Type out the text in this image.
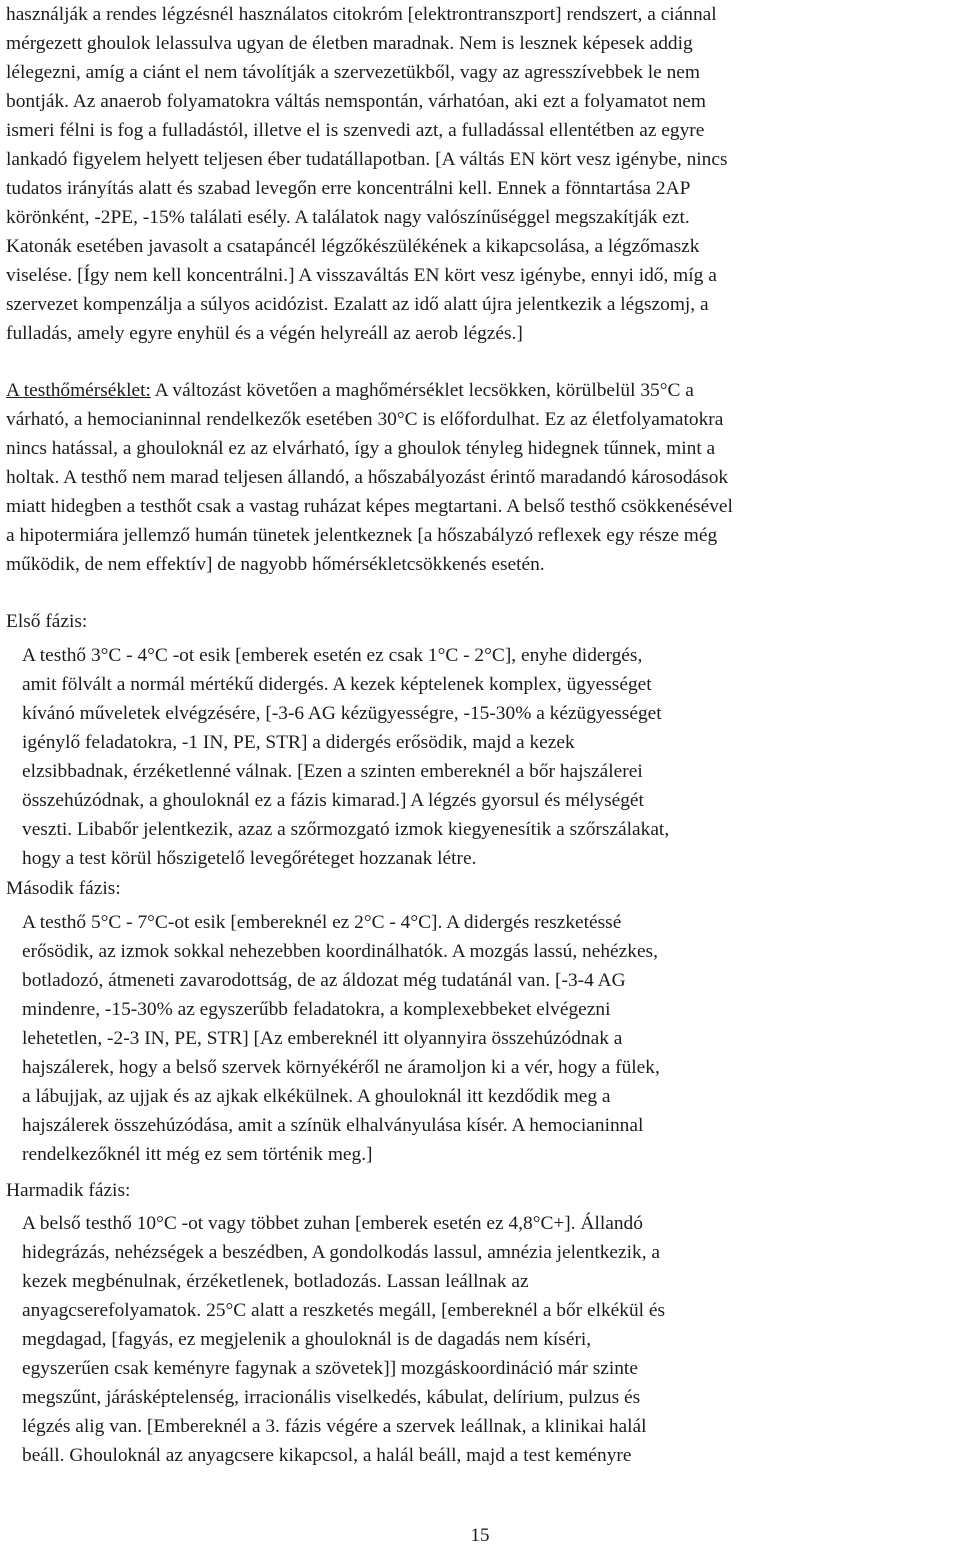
használják a rendes légzésnél használatos citokróm [elektrontranszport] rendszert, a ciánnal
mérgezett ghoulok lelassulva ugyan de életben maradnak. Nem is lesznek képesek addig
lélegezni, amíg a ciánt el nem távolítják a szervezetükből, vagy az agresszívebbek le nem
bontják. Az anaerob folyamatokra váltás nemspontán, várhatóan, aki ezt a folyamatot nem
ismeri félni is fog a fulladástól, illetve el is szenvedi azt, a fulladással ellentétben az egyre
lankadó figyelem helyett teljesen éber tudatállapotban. [A váltás EN kört vesz igénybe, nincs
tudatos irányítás alatt és szabad levegőn erre koncentrálni kell. Ennek a fönntartása 2AP
körönként, -2PE, -15% találati esély. A találatok nagy valószínűséggel megszakítják ezt.
Katonák esetében javasolt a csatapáncél légzőkészülékének a kikapcsolása, a légzőmaszk
viselése. [Így nem kell koncentrálni.] A visszaváltás EN kört vesz igénybe, ennyi idő, míg a
szervezet kompenzálja a súlyos acidózist. Ezalatt az idő alatt újra jelentkezik a légszomj, a
fulladás, amely egyre enyhül és a végén helyreáll az aerob légzés.]
A testhőmérséklet: A változást követően a maghőmérséklet lecsökken, körülbelül 35°C a
várható, a hemocianinnal rendelkezők esetében 30°C is előfordulhat. Ez az életfolyamatokra
nincs hatással, a ghouloknál ez az elvárható, így a ghoulok tényleg hidegnek tűnnek, mint a
holtak. A testhő nem marad teljesen állandó, a hőszabályozást érintő maradandó károsodások
miatt hidegben a testhőt csak a vastag ruházat képes megtartani. A belső testhő csökkenésével
a hipotermiára jellemző humán tünetek jelentkeznek [a hőszabályzó reflexek egy része még
működik, de nem effektív] de nagyobb hőmérsékletcsökkenés esetén.
Első fázis:
A testhő 3°C - 4°C -ot esik [emberek esetén ez csak 1°C - 2°C], enyhe didergés,
amit fölvált a normál mértékű didergés. A kezek képtelenek komplex, ügyességet
kívánó műveletek elvégzésére, [-3-6 AG kézügyességre, -15-30% a kézügyességet
igénylő feladatokra, -1 IN, PE, STR] a didergés erősödik, majd a kezek
elzsibbadnak, érzéketlenné válnak. [Ezen a szinten embereknél a bőr hajszálerei
összehúzódnak, a ghouloknál ez a fázis kimarad.] A légzés gyorsul és mélységét
veszti. Libabőr jelentkezik, azaz a szőrmozgató izmok kiegyenesítik a szőrszálakat,
hogy a test körül hőszigetelő levegőréteget hozzanak létre.
Második fázis:
A testhő 5°C - 7°C-ot esik [embereknél ez 2°C - 4°C]. A didergés reszketéssé
erősödik, az izmok sokkal nehezebben koordinálhatók. A mozgás lassú, nehézkes,
botladozó, átmeneti zavarodottság, de az áldozat még tudatánál van. [-3-4 AG
mindenre, -15-30% az egyszerűbb feladatokra, a komplexebbeket elvégezni
lehetetlen, -2-3 IN, PE, STR] [Az embereknél itt olyannyira összehúzódnak a
hajszálerek, hogy a belső szervek környékéről ne áramoljon ki a vér, hogy a fülek,
a lábujjak, az ujjak és az ajkak elkékülnek. A ghouloknál itt kezdődik meg a
hajszálerek összehúzódása, amit a színük elhalványulása kísér. A hemocianinnal
rendelkezőknél itt még ez sem történik meg.]
Harmadik fázis:
A belső testhő 10°C -ot vagy többet zuhan [emberek esetén ez 4,8°C+]. Állandó
hidegrázás, nehézségek a beszédben, A gondolkodás lassul, amnézia jelentkezik, a
kezek megbénulnak, érzéketlenek, botladozás. Lassan leállnak az
anyagcserefolyamatok. 25°C alatt a reszketés megáll, [embereknél a bőr elkékül és
megdagad, [fagyás, ez megjelenik a ghouloknál is de dagadás nem kíséri,
egyszerűen csak keményre fagynak a szövetek]] mozgáskoordináció már szinte
megszűnt, járásképtelenség, irracionális viselkedés, kábulat, delírium, pulzus és
légzés alig van. [Embereknél a 3. fázis végére a szervek leállnak, a klinikai halál
beáll. Ghouloknál az anyagcsere kikapcsol, a halál beáll, majd a test keményre
15
